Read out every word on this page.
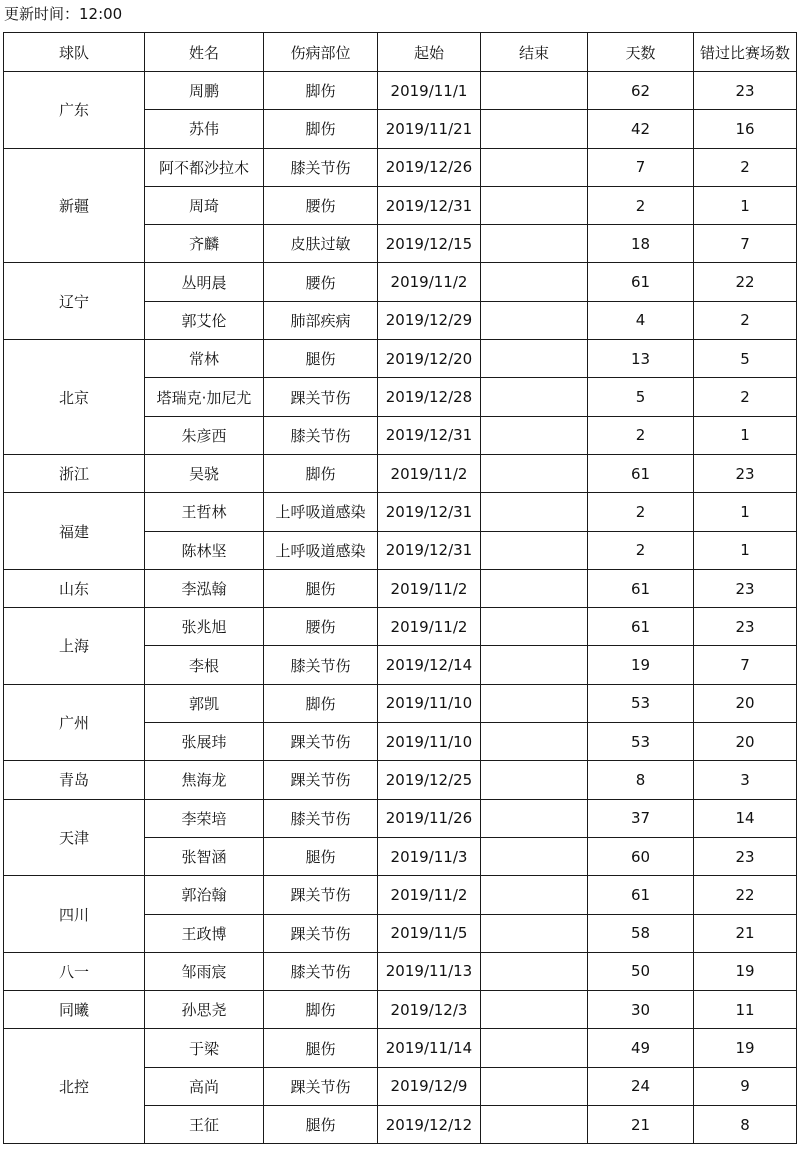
更新时间：12:00
球队	姓名	伤病部位	起始	结束	天数	错过比赛场数
广东	周鹏	脚伤	2019/11/1		62	23
	苏伟	脚伤	2019/11/21		42	16
新疆	阿不都沙拉木	膝关节伤	2019/12/26		7	2
	周琦	腰伤	2019/12/31		2	1
	齐麟	皮肤过敏	2019/12/15		18	7
辽宁	丛明晨	腰伤	2019/11/2		61	22
	郭艾伦	肺部疾病	2019/12/29		4	2
北京	常林	腿伤	2019/12/20		13	5
	塔瑞克·加尼尤	踝关节伤	2019/12/28		5	2
	朱彦西	膝关节伤	2019/12/31		2	1
浙江	吴骁	脚伤	2019/11/2		61	23
福建	王哲林	上呼吸道感染	2019/12/31		2	1
	陈林坚	上呼吸道感染	2019/12/31		2	1
山东	李泓翰	腿伤	2019/11/2		61	23
上海	张兆旭	腰伤	2019/11/2		61	23
	李根	膝关节伤	2019/12/14		19	7
广州	郭凯	脚伤	2019/11/10		53	20
	张展玮	踝关节伤	2019/11/10		53	20
青岛	焦海龙	踝关节伤	2019/12/25		8	3
天津	李荣培	膝关节伤	2019/11/26		37	14
	张智涵	腿伤	2019/11/3		60	23
四川	郭治翰	踝关节伤	2019/11/2		61	22
	王政博	踝关节伤	2019/11/5		58	21
八一	邹雨宸	膝关节伤	2019/11/13		50	19
同曦	孙思尧	脚伤	2019/12/3		30	11
北控	于梁	腿伤	2019/11/14		49	19
	高尚	踝关节伤	2019/12/9		24	9
	王征	腿伤	2019/12/12		21	8
